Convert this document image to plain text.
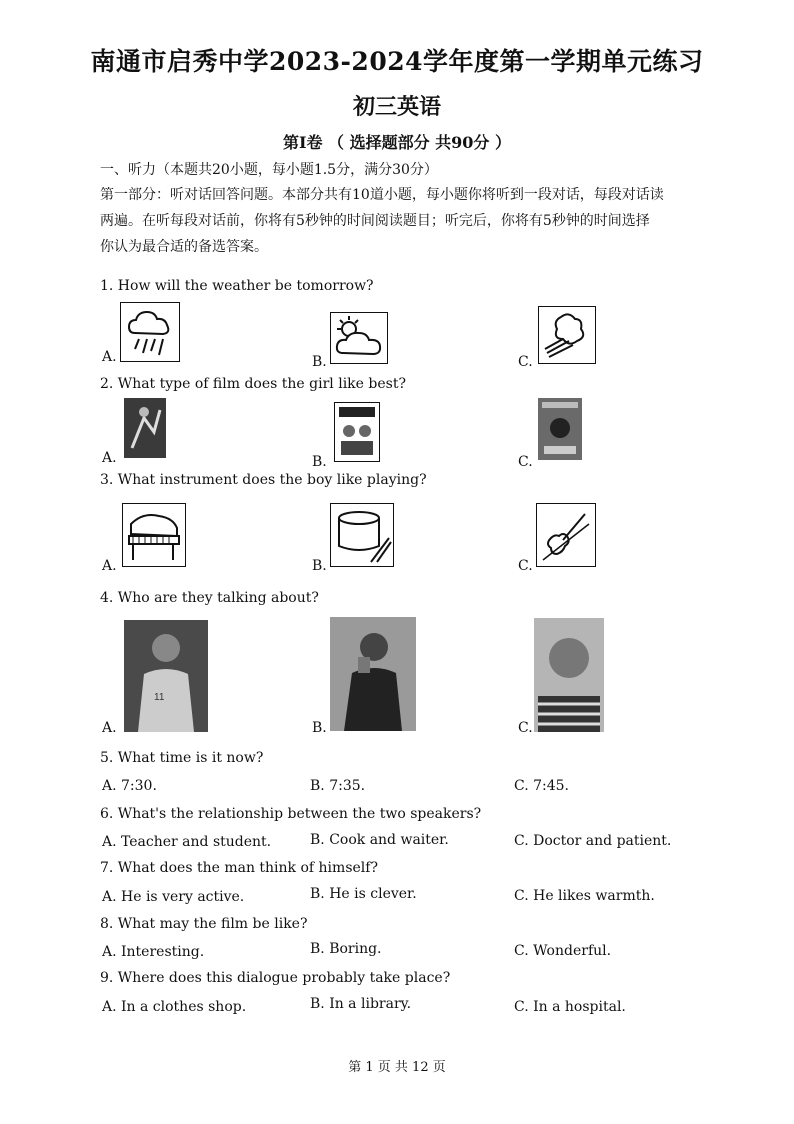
南通市启秀中学2023-2024学年度第一学期单元练习
初三英语
第Ⅰ卷 （ 选择题部分 共90分 ）
一、听力（本题共20小题，每小题1.5分，满分30分）
第一部分：听对话回答问题。本部分共有10道小题，每小题你将听到一段对话，每段对话读
两遍。在听每段对话前，你将有5秒钟的时间阅读题目；听完后，你将有5秒钟的时间选择
你认为最合适的备选答案。
1. How will the weather be tomorrow?
A.	B.	C.
2. What type of film does the girl like best?
A.	B.	C.
3. What instrument does the boy like playing?
A.	B.	C.
4. Who are they talking about?
A.
11
B.	C.
5. What time is it now?
A. 7:30.	B. 7:35.	C. 7:45.
6. What's the relationship between the two speakers?
A. Teacher and student.	B. Cook and waiter.	C. Doctor and patient.
7. What does the man think of himself?
A. He is very active.	B. He is clever.	C. He likes warmth.
8. What may the film be like?
A. Interesting.	B. Boring.	C. Wonderful.
9. Where does this dialogue probably take place?
A. In a clothes shop.	B. In a library.	C. In a hospital.
第 1 页 共 12 页
